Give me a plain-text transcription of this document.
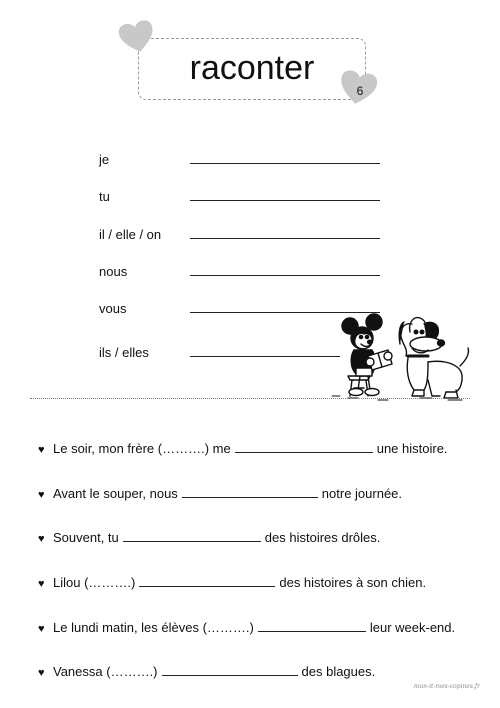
raconter
6
je
tu
il / elle / on
nous
vous
ils / elles
♥ Le soir, mon frère (……….) me	une histoire.
♥ Avant le souper, nous	notre journée.
♥ Souvent, tu	des histoires drôles.
♥ Lilou (……….)	des histoires à son chien.
♥ Le lundi matin, les élèves (……….)	leur week-end.
♥ Vanessa (……….)	des blagues.
mon-it-mes-copines.fr
